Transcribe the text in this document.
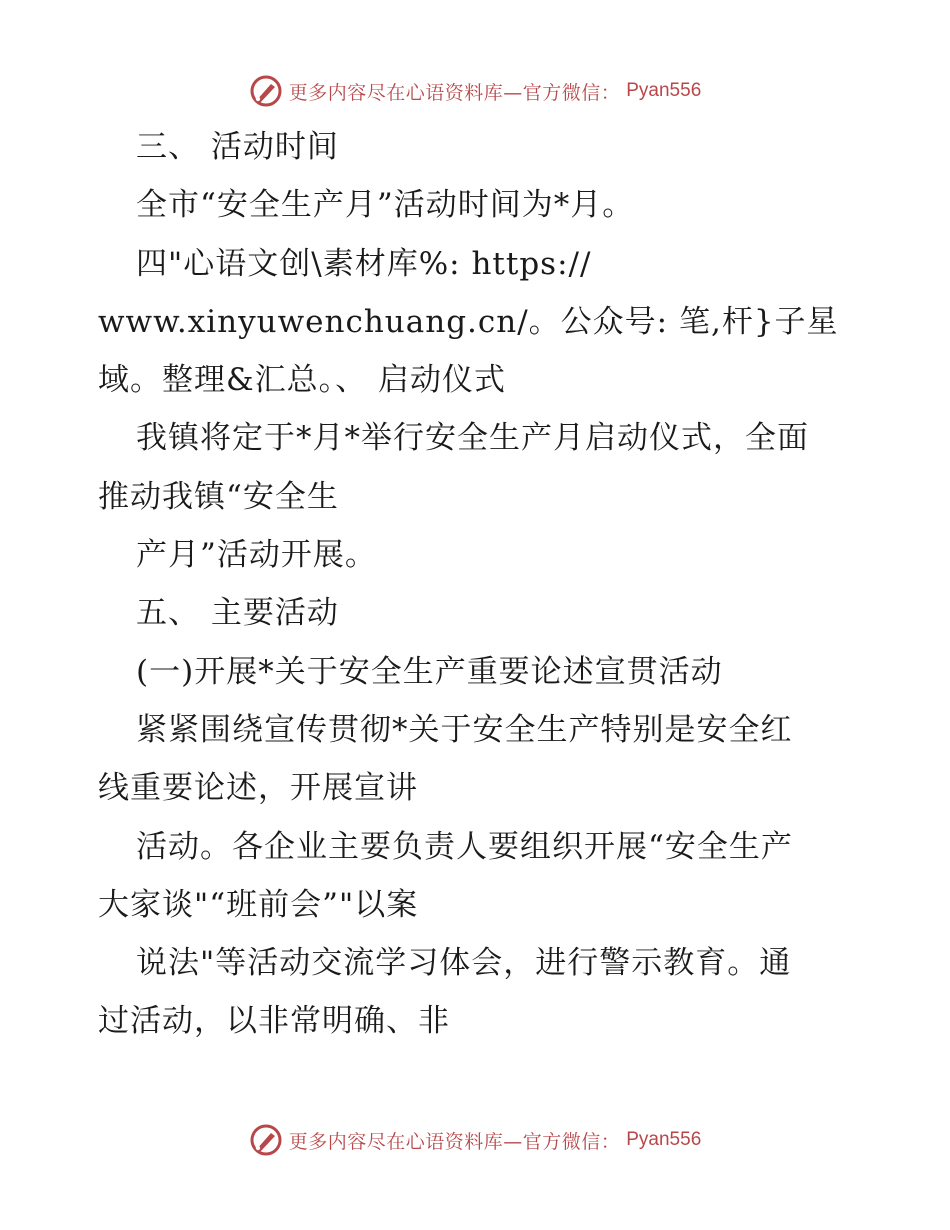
更多内容尽在心语资料库—官方微信： Pyan556
三、 活动时间
全市“安全生产月”活动时间为*月。
四"心语文创\素材库%: https://
www.xinyuwenchuang.cn/。公众号: 笔,杆}子星
域。整理&汇总。、 启动仪式
我镇将定于*月*举行安全生产月启动仪式，全面
推动我镇“安全生
产月”活动开展。
五、 主要活动
(一)开展*关于安全生产重要论述宣贯活动
紧紧围绕宣传贯彻*关于安全生产特别是安全红
线重要论述，开展宣讲
活动。各企业主要负责人要组织开展“安全生产
大家谈"“班前会”"以案
说法"等活动交流学习体会，进行警示教育。通
过活动，以非常明确、非
更多内容尽在心语资料库—官方微信： Pyan556
